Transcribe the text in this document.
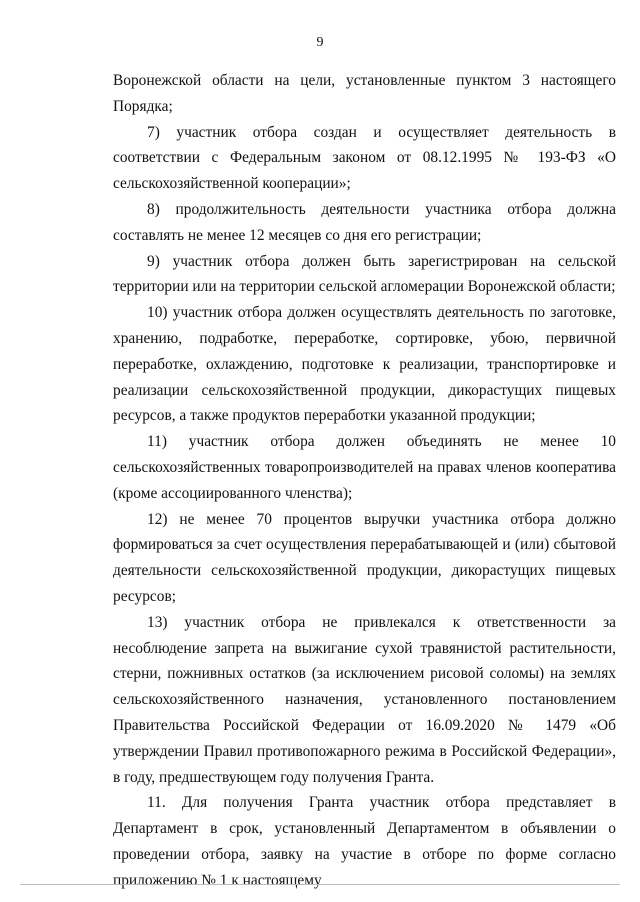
9

Воронежской области на цели, установленные пунктом 3 настоящего Порядка;

7) участник отбора создан и осуществляет деятельность в соответствии с Федеральным законом от 08.12.1995 № 193-ФЗ «О сельскохозяйственной кооперации»;

8) продолжительность деятельности участника отбора должна составлять не менее 12 месяцев со дня его регистрации;

9) участник отбора должен быть зарегистрирован на сельской территории или на территории сельской агломерации Воронежской области;

10) участник отбора должен осуществлять деятельность по заготовке, хранению, подработке, переработке, сортировке, убою, первичной переработке, охлаждению, подготовке к реализации, транспортировке и реализации сельскохозяйственной продукции, дикорастущих пищевых ресурсов, а также продуктов переработки указанной продукции;

11) участник отбора должен объединять не менее 10 сельскохозяйственных товаропроизводителей на правах членов кооператива (кроме ассоциированного членства);

12) не менее 70 процентов выручки участника отбора должно формироваться за счет осуществления перерабатывающей и (или) сбытовой деятельности сельскохозяйственной продукции, дикорастущих пищевых ресурсов;

13) участник отбора не привлекался к ответственности за несоблюдение запрета на выжигание сухой травянистой растительности, стерни, пожнивных остатков (за исключением рисовой соломы) на землях сельскохозяйственного назначения, установленного постановлением Правительства Российской Федерации от 16.09.2020 № 1479 «Об утверждении Правил противопожарного режима в Российской Федерации», в году, предшествующем году получения Гранта.

11. Для получения Гранта участник отбора представляет в Департамент в срок, установленный Департаментом в объявлении о проведении отбора, заявку на участие в отборе по форме согласно приложению № 1 к настоящему
